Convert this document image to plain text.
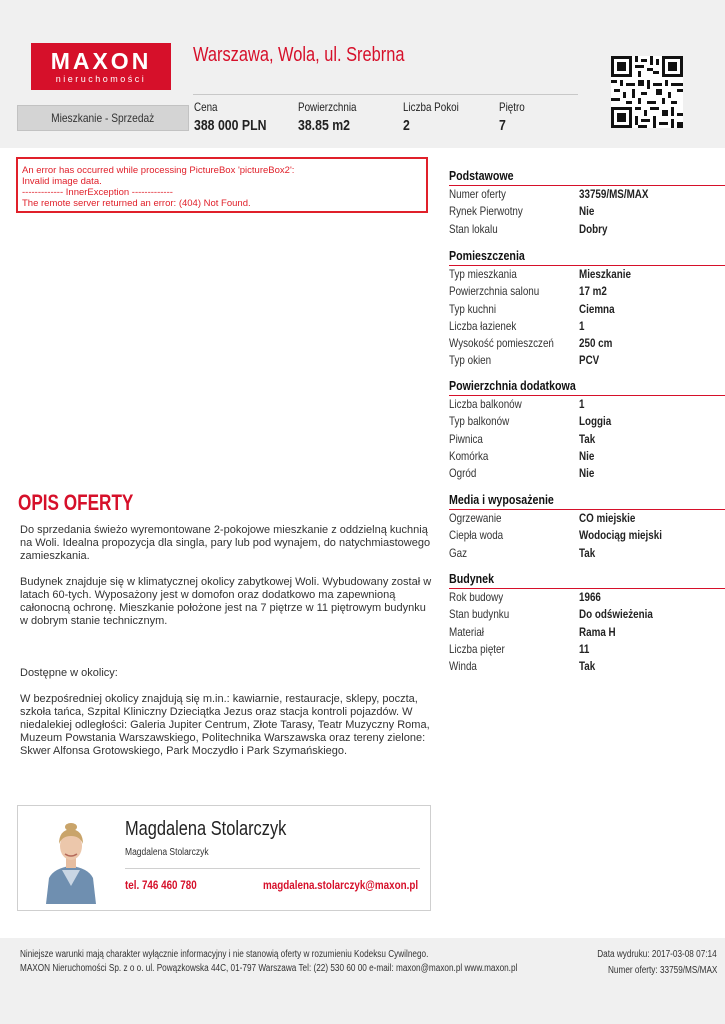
MAXON
nieruchomości
Warszawa, Wola, ul. Srebrna
Mieszkanie - Sprzedaż
Cena
388 000 PLN
Powierzchnia
38.85 m2
Liczba Pokoi
2
Piętro
7
An error has occurred while processing PictureBox 'pictureBox2':
Invalid image data.
------------- InnerException -------------
The remote server returned an error: (404) Not Found.
OPIS OFERTY

Do sprzedania świeżo wyremontowane 2-pokojowe mieszkanie z oddzielną kuchnią na Woli. Idealna propozycja dla singla, pary lub pod wynajem, do natychmiastowego zamieszkania.

Budynek znajduje się w klimatycznej okolicy zabytkowej Woli. Wybudowany został w latach 60-tych. Wyposażony jest w domofon oraz dodatkowo ma zapewnioną całonocną ochronę. Mieszkanie położone jest na 7 piętrze w 11 piętrowym budynku w dobrym stanie technicznym.

Dostępne w okolicy:

W bezpośredniej okolicy znajdują się m.in.: kawiarnie, restauracje, sklepy, poczta, szkoła tańca, Szpital Kliniczny Dzieciątka Jezus oraz stacja kontroli pojazdów. W niedalekiej odległości: Galeria Jupiter Centrum, Złote Tarasy, Teatr Muzyczny Roma, Muzeum Powstania Warszawskiego, Politechnika Warszawska oraz tereny zielone: Skwer Alfonsa Grotowskiego, Park Moczydło i Park Szymańskiego.

Podstawowe
Numer oferty	33759/MS/MAX
Rynek Pierwotny	Nie
Stan lokalu	Dobry
Pomieszczenia
Typ mieszkania	Mieszkanie
Powierzchnia salonu	17 m2
Typ kuchni	Ciemna
Liczba łazienek	1
Wysokość pomieszczeń 250 cm
Typ okien	PCV
Powierzchnia dodatkowa
Liczba balkonów	1
Typ balkonów	Loggia
Piwnica	Tak
Komórka	Nie
Ogród	Nie
Media i wyposażenie
Ogrzewanie	CO miejskie
Ciepła woda	Wodociąg miejski
Gaz	Tak
Budynek
Rok budowy	1966
Stan budynku	Do odświeżenia
Materiał	Rama H
Liczba pięter	11
Winda	Tak
Magdalena Stolarczyk
Magdalena Stolarczyk
tel. 746 460 780	magdalena.stolarczyk@maxon.pl
Niniejsze warunki mają charakter wyłącznie informacyjny i nie stanowią oferty w rozumieniu Kodeksu Cywilnego.
MAXON Nieruchomości Sp. z o o. ul. Powązkowska 44C, 01-797 Warszawa Tel: (22) 530 60 00 e-mail: maxon@maxon.pl www.maxon.pl
Data wydruku: 2017-03-08 07:14
Numer oferty: 33759/MS/MAX
